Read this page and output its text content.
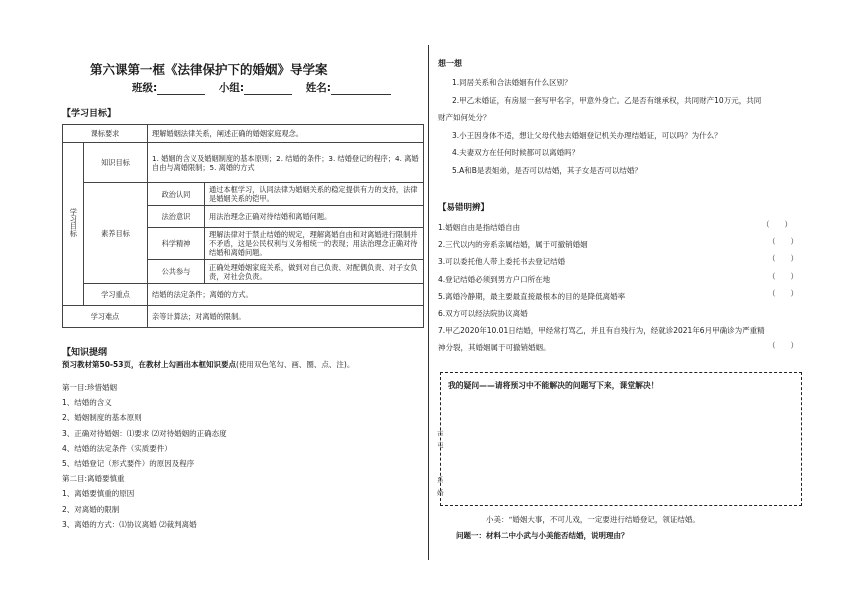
第六课第一框《法律保护下的婚姻》导学案
班级:	小组:	姓名:
【学习目标】
课标要求		理解婚姻法律关系，阐述正确的婚姻家庭观念。	
学习目标	知识目标	1. 婚姻的含义及婚姻制度的基本原则；2. 结婚的条件；3. 结婚登记的程序；4. 离婚自由与离婚限制；5. 离婚的方式	
	素养目标	政治认同	通过本框学习，认同法律为婚姻关系的稳定提供有力的支持，法律是婚姻关系的铠甲。
		法治意识	用法治理念正确对待结婚和离婚问题。
		科学精神	理解法律对于禁止结婚的规定，理解离婚自由和对离婚进行限制并不矛盾，这是公民权利与义务相统一的表现；用法治理念正确对待结婚和离婚问题。
		公共参与	正确处理婚姻家庭关系，做到对自己负责、对配偶负责、对子女负责，对社会负责。
	学习重点	结婚的法定条件；离婚的方式。	
学习难点		亲等计算法；对离婚的限制。	
【知识提纲
预习教材第50-53页，在教材上勾画出本框知识要点(使用双色笔勾、画、圈、点、注)。
第一目:珍惜婚姻
1、结婚的含义
2、婚姻制度的基本原则
3、正确对待婚姻：⑴要求 ⑵对待婚姻的正确态度
4、结婚的法定条件（实质要件）
5、结婚登记（形式要件）的原因及程序
第二目:离婚要慎重
1、离婚要慎重的原因
2、对离婚的限制
3、离婚的方式：⑴协议离婚 ⑵裁判离婚
想一想
1.同居关系和合法婚姻有什么区别？
2.甲乙未婚证，有房屋一套写甲名字，甲意外身亡。乙是否有继承权，共同财产10万元，共同
财产如何处分？
3.小王因身体不适，想让父母代他去婚姻登记机关办理结婚证，可以吗？为什么？
4.夫妻双方在任何时候都可以离婚吗？
5.A和B是表姐弟，是否可以结婚，其子女是否可以结婚？
【易错明辨】
1.婚姻自由是指结婚自由
2.三代以内的旁系亲属结婚，属于可撤销婚姻
3.可以委托他人带上委托书去登记结婚
4.登记结婚必须到男方户口所在地
5.离婚冷静期，最主要最直接最根本的目的是降低离婚率
6.双方可以经法院协议离婚
7.甲乙2020年10.01日结婚，甲经常打骂乙，并且有自残行为，经就诊2021年6月甲确诊为严重精
神分裂，其婚姻属于可撤销婚姻。
（　　）
（　　）
（　　）
（　　）
（　　）
（　　）
我的疑问——请将预习中不能解决的问题写下来，课堂解决！
古
屯
系
婚
小美：“婚姻大事，不可儿戏，一定要进行结婚登记，领证结婚。
问题一：材料二中小武与小美能否结婚，说明理由？
